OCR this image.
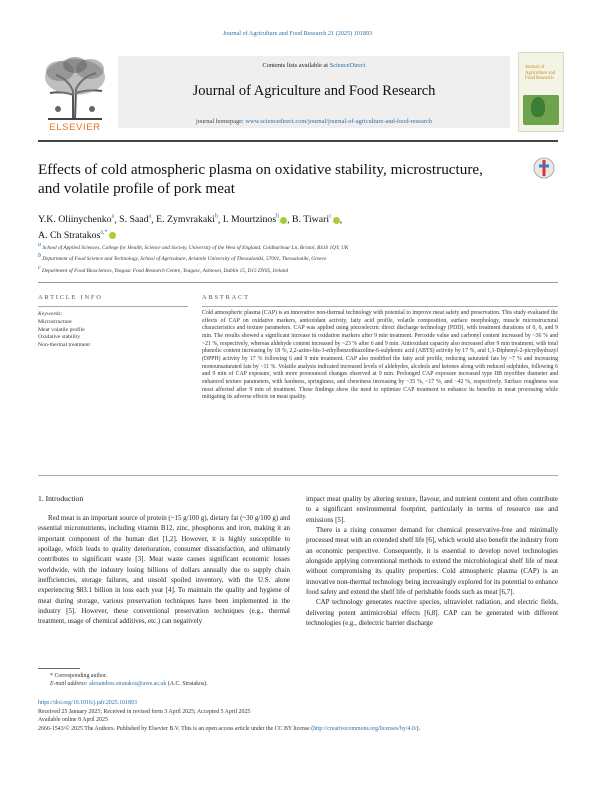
Journal of Agriculture and Food Research 21 (2025) 101893
ELSEVIER
Contents lists available at ScienceDirect
Journal of Agriculture and Food Research
journal homepage: www.sciencedirect.com/journal/journal-of-agriculture-and-food-research
Journal of Agriculture and Food Research
Effects of cold atmospheric plasma on oxidative stability, microstructure,
and volatile profile of pork meat
Y.K. Oliinychenko$^a$, S. Saad$^a$, E. Zymvrakaki$^b$, I. Mourtzinos$^b$ , B. Tiwari$^c$ ,
A. Ch Stratakos$^{a,*}$
a School of Applied Sciences, College for Health, Science and Society, University of the West of England, Coldharbour Ln, Bristol, BS16 1QY, UK
b Department of Food Science and Technology, School of Agriculture, Aristotle University of Thessaloniki, 57001, Thessaloniki, Greece
c Department of Food Biosciences, Teagasc Food Research Centre, Teagasc, Ashtown, Dublin 15, D15 DY05, Ireland
ARTICLE INFO	ABSTRACT
Keywords:
Microstructure
Meat volatile profile
Oxidative stability
Non-thermal treatment
Cold atmospheric plasma (CAP) is an innovative non-thermal technology with potential to improve meat safety and preservation. This study evaluated the effects of CAP on oxidative markers, antioxidant activity, fatty acid profile, volatile composition, surface morphology, muscle microstructural characteristics and texture parameters. CAP was applied using piezoelectric direct discharge technology (PDD), with treatment durations of 0, 6, and 9 min. The results showed a significant increase in oxidation markers after 9 min treatment. Peroxide value and carbonyl content increased by ~36 % and ~21 %, respectively, whereas aldehyde content increased by ~23 % after 6 and 9 min. Antioxidant capacity also increased after 9 min treatment, with total phenolic content increasing by 18 %, 2,2-azino-bis-3-ethylbenzothiazoline-6-sulphonic acid (ABTS) activity by 17 %, and 1,1-Diphenyl-2-picrylhydrazyl (DPPH) activity by 17 % following 6 and 9 min treatment. CAP also modified the fatty acid profile, reducing saturated fats by ~7 % and increasing monounsaturated fats by ~11 %. Volatile analysis indicated increased levels of aldehydes, alcohols and ketones along with reduced sulphides, following 6 and 9 min of CAP exposure, with more pronounced changes observed at 9 min. Prolonged CAP exposure increased type IIB myofibre diameter and enhanced texture parameters, with hardness, springiness, and chewiness increasing by ~35 %, ~17 %, and ~42 %, respectively. Surface roughness was most affected after 9 min of treatment. These findings show the need to optimize CAP treatment to enhance its benefits in meat processing while mitigating its adverse effects on meat quality.
1. Introduction

Red meat is an important source of protein (~15 g/100 g), dietary fat (~30 g/100 g) and essential micronutrients, including vitamin B12, zinc, phosphorus and iron, making it an important component of the human diet [1,2]. However, it is highly susceptible to spoilage, which leads to quality deterioration, consumer dissatisfaction, and ultimately contributes to significant waste [3]. Meat waste causes significant economic losses worldwide, with the industry losing billions of dollars annually due to supply chain inefficiencies, storage failures, and unsold spoiled inventory, with the U.S. alone experiencing $83.1 billion in loss each year [4]. To maintain the quality and hygiene of meat during storage, various preservation techniques have been implemented in the industry [5]. However, these conventional preservation techniques (e.g., thermal treatment, usage of chemical additives, etc.) can negatively

impact meat quality by altering texture, flavour, and nutrient content and often contribute to a significant environmental footprint, particularly in terms of resource use and emissions [5].

There is a rising consumer demand for chemical preservative-free and minimally processed meat with an extended shelf life [6], which would also benefit the industry from an economic perspective. Consequently, it is essential to develop novel technologies alongside applying conventional methods to extend the microbiological shelf life of meat without compromising its quality properties. Cold atmospheric plasma (CAP) is an innovative non-thermal technology being increasingly explored for its potential to enhance food safety and extend the shelf life of perishable foods such as meat [6,7].

CAP technology generates reactive species, ultraviolet radiation, and electric fields, delivering potent antimicrobial effects [6,8]. CAP can be generated with different technologies (e.g., dielectric barrier discharge

* Corresponding author.
E-mail address: alexandros.stratakos@uwe.ac.uk (A.C. Stratakos).
https://doi.org/10.1016/j.jafr.2025.101893
Received 25 January 2025; Received in revised form 3 April 2025; Accepted 5 April 2025
Available online 8 April 2025
2666-1543/© 2025 The Authors. Published by Elsevier B.V. This is an open access article under the CC BY license (http://creativecommons.org/licenses/by/4.0/).
